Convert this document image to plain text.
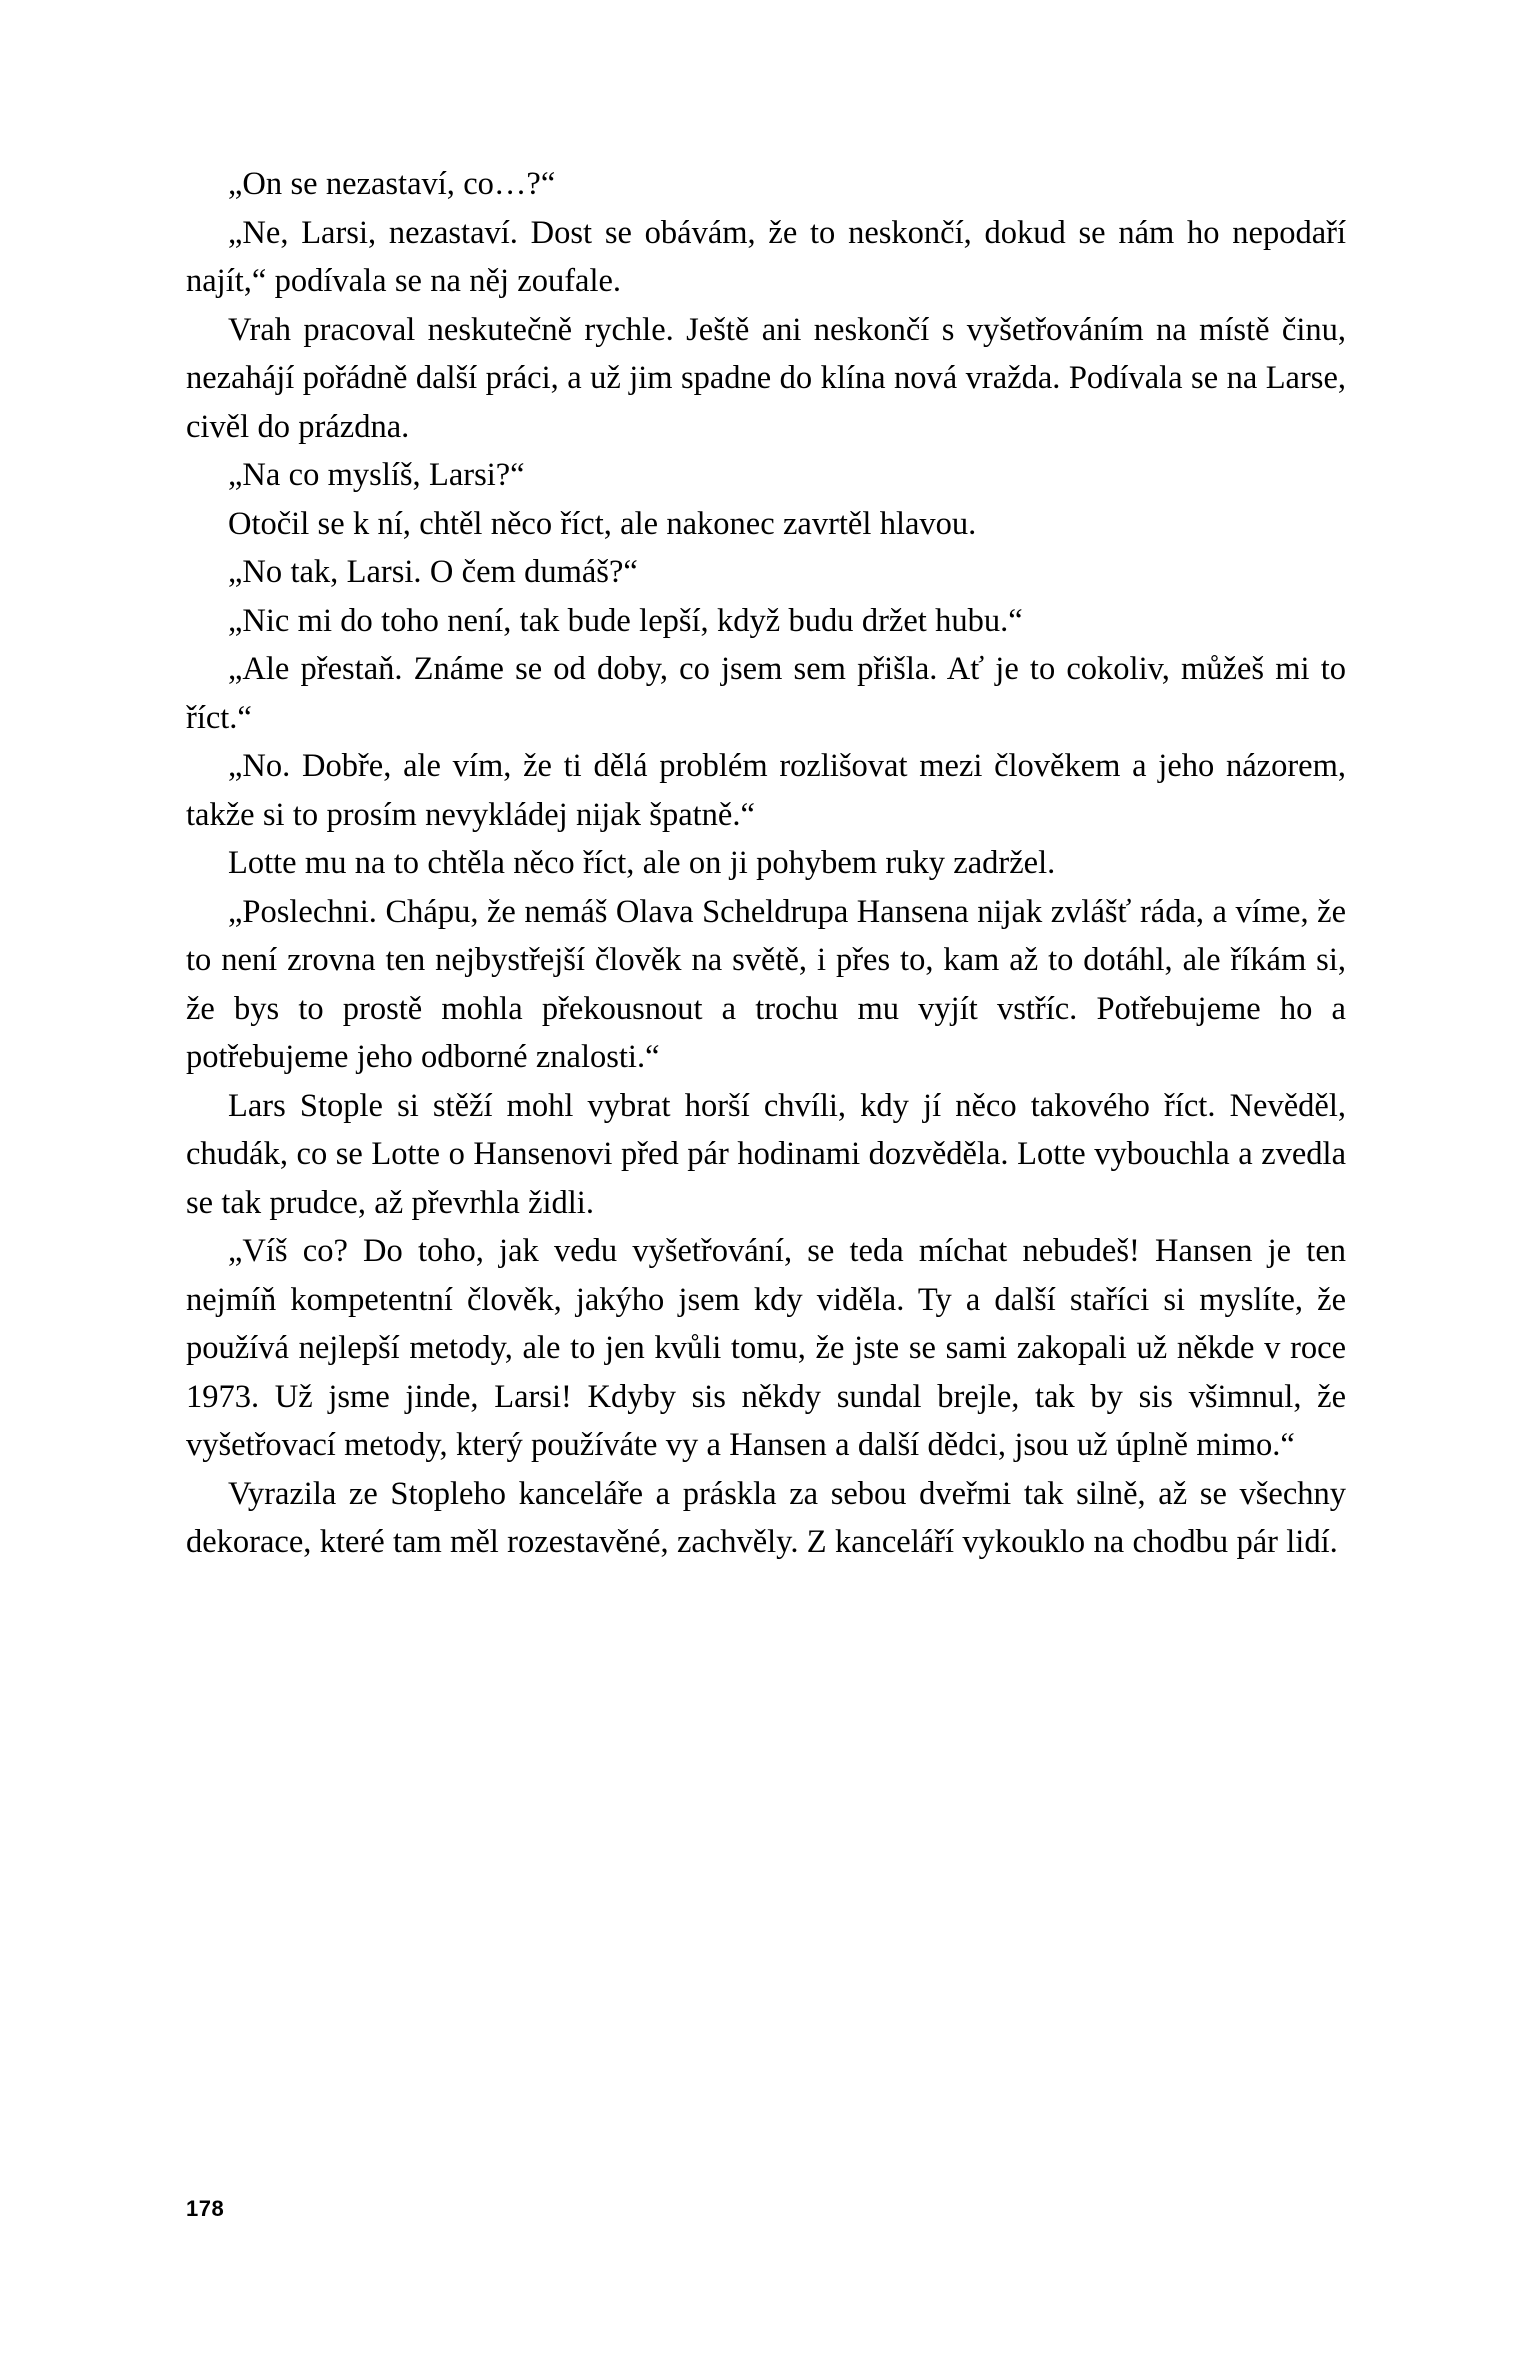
„On se nezastaví, co…?“

„Ne, Larsi, nezastaví. Dost se obávám, že to neskončí, dokud se nám ho nepodaří najít,“ podívala se na něj zoufale.

Vrah pracoval neskutečně rychle. Ještě ani neskončí s vyšetřováním na místě činu, nezahájí pořádně další práci, a už jim spadne do klína nová vražda. Podívala se na Larse, civěl do prázdna.

„Na co myslíš, Larsi?“

Otočil se k ní, chtěl něco říct, ale nakonec zavrtěl hlavou.

„No tak, Larsi. O čem dumáš?“

„Nic mi do toho není, tak bude lepší, když budu držet hubu.“

„Ale přestaň. Známe se od doby, co jsem sem přišla. Ať je to cokoliv, můžeš mi to říct.“

„No. Dobře, ale vím, že ti dělá problém rozlišovat mezi člověkem a jeho názorem, takže si to prosím nevykládej nijak špatně.“

Lotte mu na to chtěla něco říct, ale on ji pohybem ruky zadržel.

„Poslechni. Chápu, že nemáš Olava Scheldrupa Hansena nijak zvlášť ráda, a víme, že to není zrovna ten nejbystřejší člověk na světě, i přes to, kam až to dotáhl, ale říkám si, že bys to prostě mohla překousnout a trochu mu vyjít vstříc. Potřebujeme ho a potřebujeme jeho odborné znalosti.“

Lars Stople si stěží mohl vybrat horší chvíli, kdy jí něco takového říct. Nevěděl, chudák, co se Lotte o Hansenovi před pár hodinami dozvěděla. Lotte vybouchla a zvedla se tak prudce, až převrhla židli.

„Víš co? Do toho, jak vedu vyšetřování, se teda míchat nebudeš! Hansen je ten nejmíň kompetentní člověk, jakýho jsem kdy viděla. Ty a další staříci si myslíte, že používá nejlepší metody, ale to jen kvůli tomu, že jste se sami zakopali už někde v roce 1973. Už jsme jinde, Larsi! Kdyby sis někdy sundal brejle, tak by sis všimnul, že vyšetřovací metody, který používáte vy a Hansen a další dědci, jsou už úplně mimo.“

Vyrazila ze Stopleho kanceláře a práskla za sebou dveřmi tak silně, až se všechny dekorace, které tam měl rozestavěné, zachvěly. Z kanceláří vykouklo na chodbu pár lidí.

178
